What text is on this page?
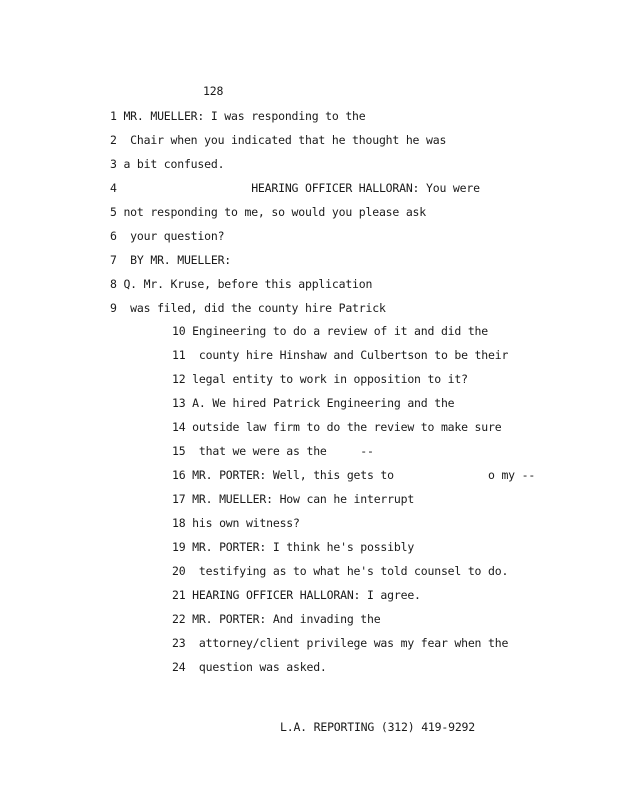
128
1 MR. MUELLER: I was responding to the
2  Chair when you indicated that he thought he was
3 a bit confused.
4                    HEARING OFFICER HALLORAN: You were
5 not responding to me, so would you please ask
6  your question?
7  BY MR. MUELLER:
8 Q. Mr. Kruse, before this application
9  was filed, did the county hire Patrick
10 Engineering to do a review of it and did the
11  county hire Hinshaw and Culbertson to be their
12 legal entity to work in opposition to it?
13 A. We hired Patrick Engineering and the
14 outside law firm to do the review to make sure
15  that we were as the     --
16 MR. PORTER: Well, this gets to              o my --
17 MR. MUELLER: How can he interrupt
18 his own witness?
19 MR. PORTER: I think he's possibly
20  testifying as to what he's told counsel to do.
21 HEARING OFFICER HALLORAN: I agree.
22 MR. PORTER: And invading the
23  attorney/client privilege was my fear when the
24  question was asked.
L.A. REPORTING (312) 419-9292
